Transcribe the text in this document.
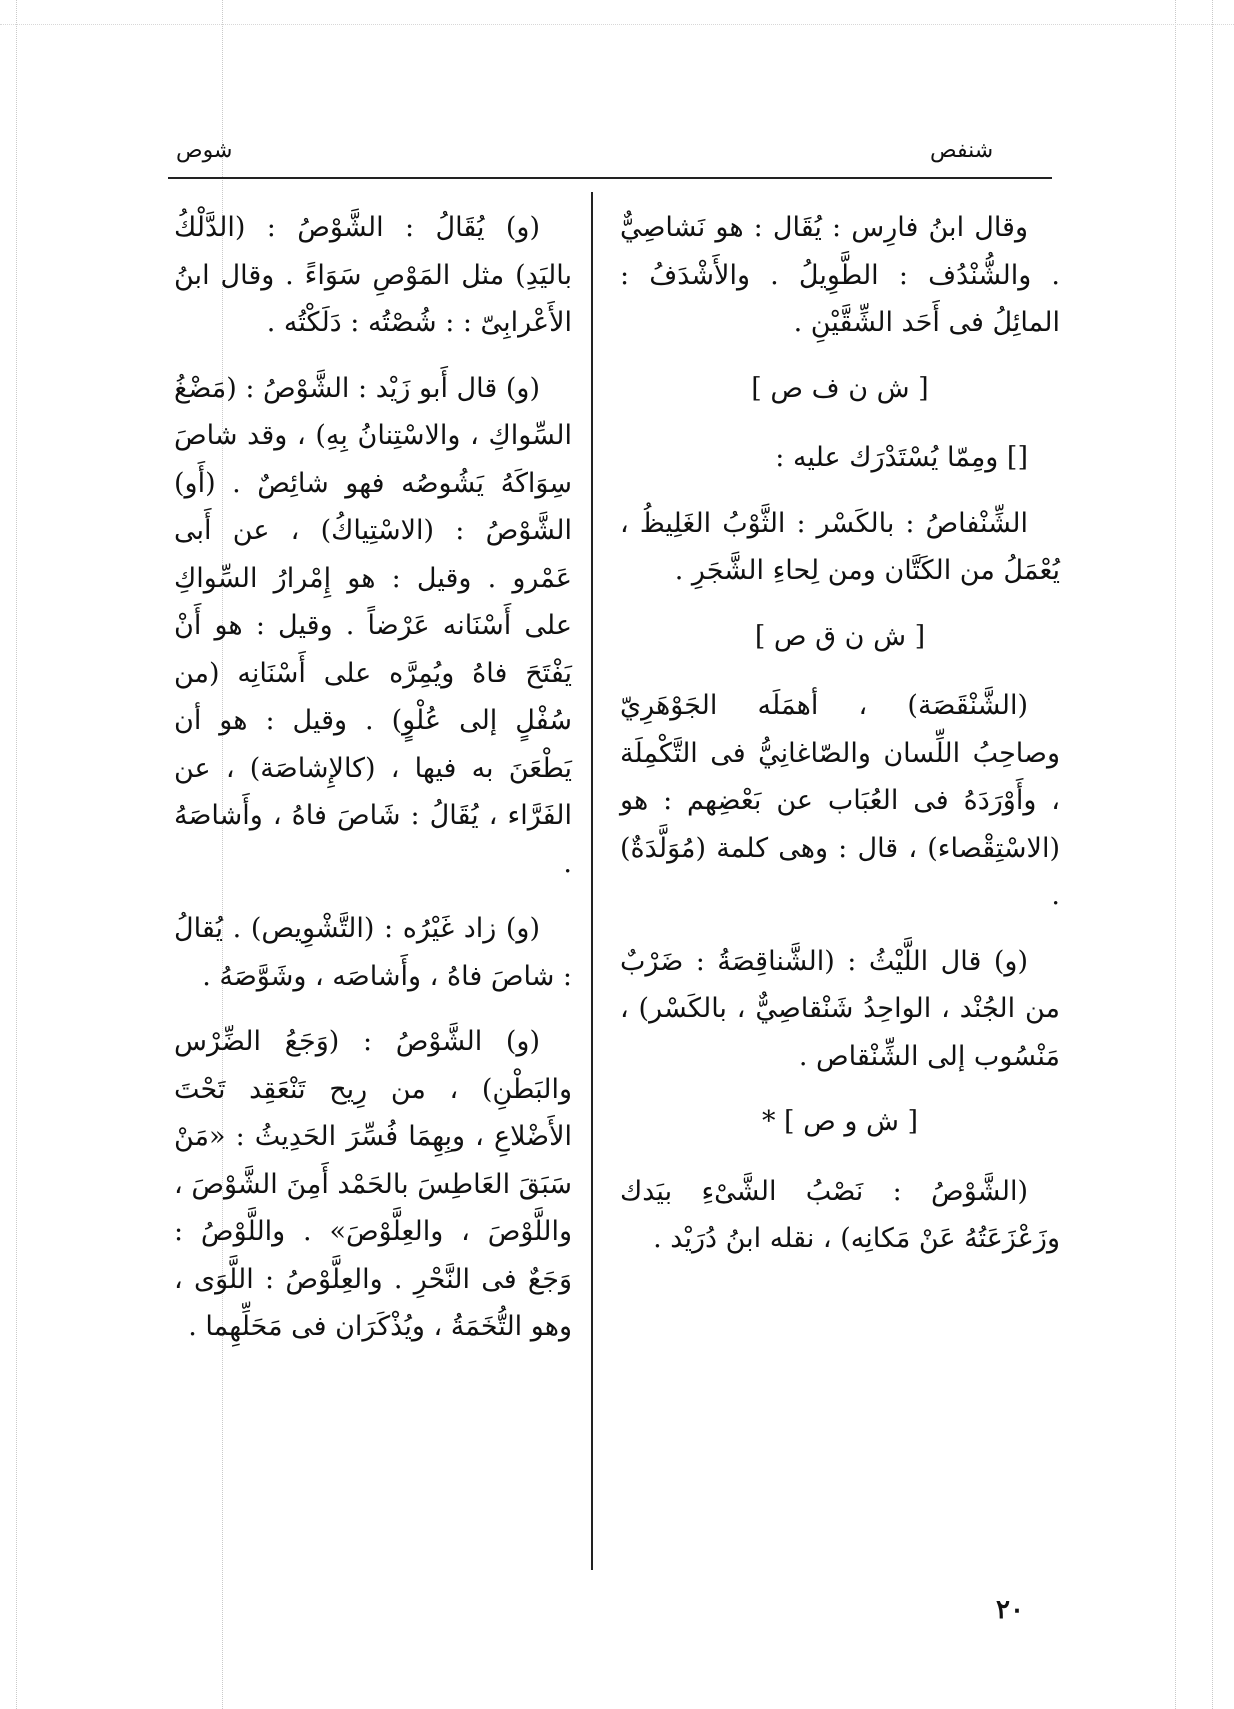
شنفص
شوص

وقال ابنُ فارِس : يُقَال : هو نَشاصِيٌّ . والشُّنْدُف : الطَّوِيلُ . والأَشْدَفُ : المائِلُ فى أَحَد الشِّقَّيْنِ .

[ ش ن ف ص ]

[] ومِمّا يُسْتَدْرَك عليه :

الشِّنْفاصُ : بالكَسْر : الثَّوْبُ الغَلِيظُ ، يُعْمَلُ من الكَتَّان ومن لِحاءِ الشَّجَرِ .

[ ش ن ق ص ]

(الشَّنْقَصَة) ، أهمَلَه الجَوْهَرِيّ وصاحِبُ اللِّسان والصّاغانِيُّ فى التَّكْمِلَة ، وأَوْرَدَهُ فى العُبَاب عن بَعْضِهم : هو (الاسْتِقْصاء) ، قال : وهى كلمة (مُوَلَّدَةٌ) .

(و) قال اللَّيْثُ : (الشَّناقِصَةُ : ضَرْبٌ من الجُنْد ، الواحِدُ شَنْقاصِيٌّ ، بالكَسْر) ، مَنْسُوب إلى الشِّنْقاص .

[ ش و ص ] *

(الشَّوْصُ : نَصْبُ الشَّىْءِ بيَدك وزَعْزَعَتُهُ عَنْ مَكانِه) ، نقله ابنُ دُرَيْد .

(و) يُقَالُ : الشَّوْصُ : (الدَّلْكُ باليَدِ) مثل المَوْصِ سَوَاءً . وقال ابنُ الأَعْرابِىّ : : شُصْتُه : دَلَكْتُه .

(و) قال أَبو زَيْد : الشَّوْصُ : (مَضْغُ السِّواكِ ، والاسْتِنانُ بِهِ) ، وقد شاصَ سِوَاكَهُ يَشُوصُه فهو شائِصٌ . (أَو) الشَّوْصُ : (الاسْتِياكُ) ، عن أَبى عَمْرو . وقيل : هو إِمْرارُ السِّواكِ على أَسْنَانه عَرْضاً . وقيل : هو أَنْ يَفْتَحَ فاهُ ويُمِرَّه على أَسْنَانِه (من سُفْلٍ إلى عُلْوٍ) . وقيل : هو أن يَطْعَنَ به فيها ، (كالإِشاصَة) ، عن الفَرَّاء ، يُقَالُ : شَاصَ فاهُ ، وأَشاصَهُ .

(و) زاد غَيْرُه : (التَّشْوِيص) . يُقالُ : شاصَ فاهُ ، وأَشاصَه ، وشَوَّصَهُ .

(و) الشَّوْصُ : (وَجَعُ الضِّرْس والبَطْنِ) ، من رِيح تَنْعَقِد تَحْتَ الأَضْلاعِ ، وبِهِمَا فُسِّرَ الحَدِيثُ : «مَنْ سَبَقَ العَاطِسَ بالحَمْد أَمِنَ الشَّوْصَ ، واللَّوْصَ ، والعِلَّوْصَ» . واللَّوْصُ : وَجَعٌ فى النَّحْرِ . والعِلَّوْصُ : اللَّوَى ، وهو التُّخَمَةُ ، ويُذْكَرَان فى مَحَلِّهِما .

٢٠
